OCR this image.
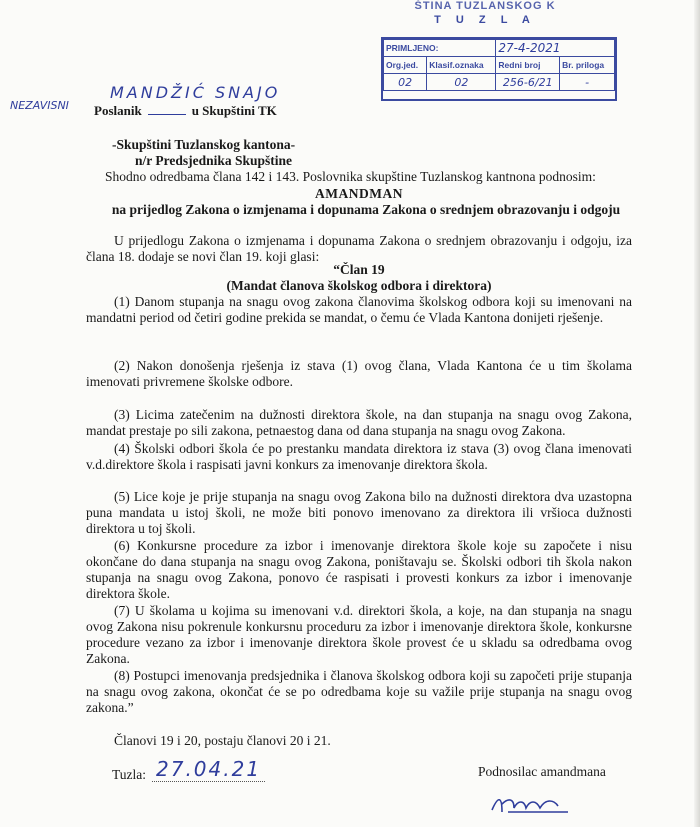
ŠTINA TUZLANSKOG K
T U Z L A
PRIMLJENO:		27-4-2021	
Org.jed.	Klasif.oznaka	Redni broj	Br. priloga
02	02	256-6/21	-
MANDŽIĆ SNAJO
NEZAVISNI Poslanik	u Skupštini TK
-Skupštini Tuzlanskog kantona-
n/r Predsjednika Skupštine
Shodno odredbama člana 142 i 143. Poslovnika skupštine Tuzlanskog kantnona podnosim:
AMANDMAN
na prijedlog Zakona o izmjenama i dopunama Zakona o srednjem obrazovanju i odgoju
U prijedlogu Zakona o izmjenama i dopunama Zakona o srednjem obrazovanju i odgoju, iza člana 18. dodaje se novi član 19. koji glasi:
“Član 19
(Mandat članova školskog odbora i direktora)
(1) Danom stupanja na snagu ovog zakona članovima školskog odbora koji su imenovani na mandatni period od četiri godine prekida se mandat, o čemu će Vlada Kantona donijeti rješenje.
(2) Nakon donošenja rješenja iz stava (1) ovog člana, Vlada Kantona će u tim školama imenovati privremene školske odbore.
(3) Licima zatečenim na dužnosti direktora škole, na dan stupanja na snagu ovog Zakona, mandat prestaje po sili zakona, petnaestog dana od dana stupanja na snagu ovog Zakona.
(4) Školski odbori škola će po prestanku mandata direktora iz stava (3) ovog člana imenovati v.d.direktore škola i raspisati javni konkurs za imenovanje direktora škola.
(5) Lice koje je prije stupanja na snagu ovog Zakona bilo na dužnosti direktora dva uzastopna puna mandata u istoj školi, ne može biti ponovo imenovano za direktora ili vršioca dužnosti direktora u toj školi.
(6) Konkursne procedure za izbor i imenovanje direktora škole koje su započete i nisu okončane do dana stupanja na snagu ovog Zakona, poništavaju se. Školski odbori tih škola nakon stupanja na snagu ovog Zakona, ponovo će raspisati i provesti konkurs za izbor i imenovanje direktora škole.
(7) U školama u kojima su imenovani v.d. direktori škola, a koje, na dan stupanja na snagu ovog Zakona nisu pokrenule konkursnu proceduru za izbor i imenovanje direktora škole, konkursne procedure vezano za izbor i imenovanje direktora škole provest će u skladu sa odredbama ovog Zakona.
(8) Postupci imenovanja predsjednika i članova školskog odbora koji su započeti prije stupanja na snagu ovog zakona, okončat će se po odredbama koje su važile prije stupanja na snagu ovog zakona.”
Članovi 19 i 20, postaju članovi 20 i 21.
Tuzla: 27.04.21	Podnosilac amandmana
